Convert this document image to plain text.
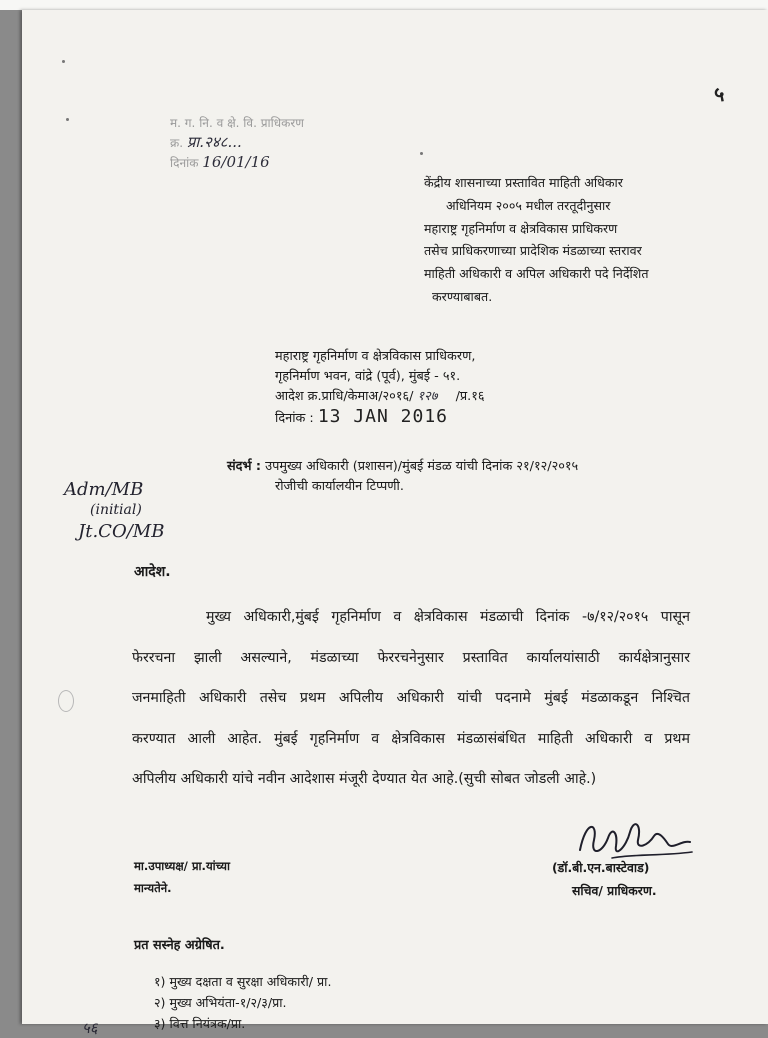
५
म. ग. नि. व क्षे. वि. प्राधिकरण
क्र. प्रा.२४८...
दिनांक 16/01/16
केंद्रीय शासनाच्या प्रस्तावित माहिती अधिकार
अधिनियम २००५ मधील तरतूदीनुसार
महाराष्ट्र गृहनिर्माण व क्षेत्रविकास प्राधिकरण
तसेच प्राधिकरणाच्या प्रादेशिक मंडळाच्या स्तरावर
माहिती अधिकारी व अपिल अधिकारी पदे निर्देशित
करण्याबाबत.
महाराष्ट्र गृहनिर्माण व क्षेत्रविकास प्राधिकरण,
गृहनिर्माण भवन, वांद्रे (पूर्व), मुंबई - ५१.
आदेश क्र.प्राधि/केमाअ/२०१६/ १२७ /प्र.१६
दिनांक : 13 JAN 2016
संदर्भ : उपमुख्य अधिकारी (प्रशासन)/मुंबई मंडळ यांची दिनांक २१/१२/२०१५
रोजीची कार्यालयीन टिप्पणी.
Adm/MB
(initial)
Jt.CO/MB
आदेश.
मुख्य अधिकारी,मुंबई गृहनिर्माण व क्षेत्रविकास मंडळाची दिनांक -७/१२/२०१५ पासून
फेररचना झाली असल्याने, मंडळाच्या फेररचनेनुसार प्रस्तावित कार्यालयांसाठी कार्यक्षेत्रानुसार
जनमाहिती अधिकारी तसेच प्रथम अपिलीय अधिकारी यांची पदनामे मुंबई मंडळाकडून निश्चित
करण्यात आली आहेत. मुंबई गृहनिर्माण व क्षेत्रविकास मंडळासंबंधित माहिती अधिकारी व प्रथम
अपिलीय अधिकारी यांचे नवीन आदेशास मंजूरी देण्यात येत आहे.(सुची सोबत जोडली आहे.)
मा.उपाध्यक्ष/ प्रा.यांच्या
मान्यतेने.
(डॉ.बी.एन.बास्टेवाड)
सचिव/ प्राधिकरण.
प्रत सस्नेह अग्रेषित.
१) मुख्य दक्षता व सुरक्षा अधिकारी/ प्रा.
२) मुख्य अभियंता-१/२/३/प्रा.
३) वित्त नियंत्रक/प्रा.
५६
